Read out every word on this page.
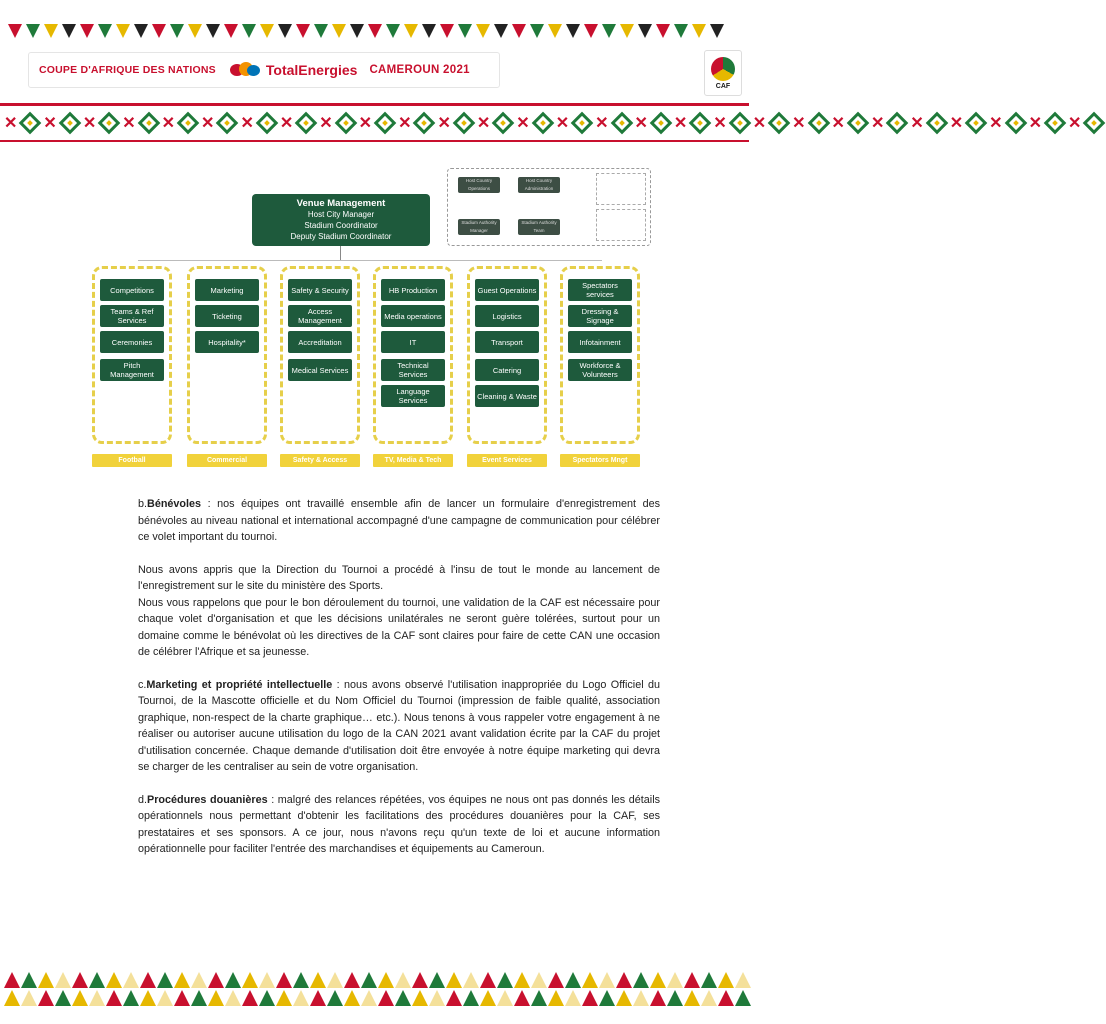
COUPE D'AFRIQUE DES NATIONS	TotalEnergies CAMEROUN 2021
CAF
✕ ✕ ✕ ✕ ✕ ✕ ✕ ✕ ✕ ✕ ✕ ✕ ✕ ✕ ✕ ✕ ✕ ✕ ✕ ✕ ✕ ✕ ✕ ✕ ✕ ✕ ✕ ✕
Host Country Operations
Host Country Administration
Stadium Authority Manager
Stadium Authority Team
Venue Management
Host City Manager
Stadium Coordinator
Deputy Stadium Coordinator
Competitions
Teams & Ref Services
Ceremonies
Pitch Management
Football
Marketing
Ticketing
Hospitality*
Commercial
Safety & Security
Access Management
Accreditation
Medical Services
Safety & Access
HB Production
Media operations
IT
Technical Services
Language Services
TV, Media & Tech
Guest Operations
Logistics
Transport
Catering
Cleaning & Waste
Event Services
Spectators services
Dressing & Signage
Infotainment
Workforce & Volunteers
Spectators Mngt

b.Bénévoles : nos équipes ont travaillé ensemble afin de lancer un formulaire d'enregistrement des bénévoles au niveau national et international accompagné d'une campagne de communication pour célébrer ce volet important du tournoi.

Nous avons appris que la Direction du Tournoi a procédé à l'insu de tout le monde au lancement de l'enregistrement sur le site du ministère des Sports.

Nous vous rappelons que pour le bon déroulement du tournoi, une validation de la CAF est nécessaire pour chaque volet d'organisation et que les décisions unilatérales ne seront guère tolérées, surtout pour un domaine comme le bénévolat où les directives de la CAF sont claires pour faire de cette CAN une occasion de célébrer l'Afrique et sa jeunesse.

c.Marketing et propriété intellectuelle : nous avons observé l'utilisation inappropriée du Logo Officiel du Tournoi, de la Mascotte officielle et du Nom Officiel du Tournoi (impression de faible qualité, association graphique, non-respect de la charte graphique… etc.). Nous tenons à vous rappeler votre engagement à ne réaliser ou autoriser aucune utilisation du logo de la CAN 2021 avant validation écrite par la CAF du projet d'utilisation concernée. Chaque demande d'utilisation doit être envoyée à notre équipe marketing qui devra se charger de les centraliser au sein de votre organisation.

d.Procédures douanières : malgré des relances répétées, vos équipes ne nous ont pas donnés les détails opérationnels nous permettant d'obtenir les facilitations des procédures douanières pour la CAF, ses prestataires et ses sponsors. A ce jour, nous n'avons reçu qu'un texte de loi et aucune information opérationnelle pour faciliter l'entrée des marchandises et équipements au Cameroun.
